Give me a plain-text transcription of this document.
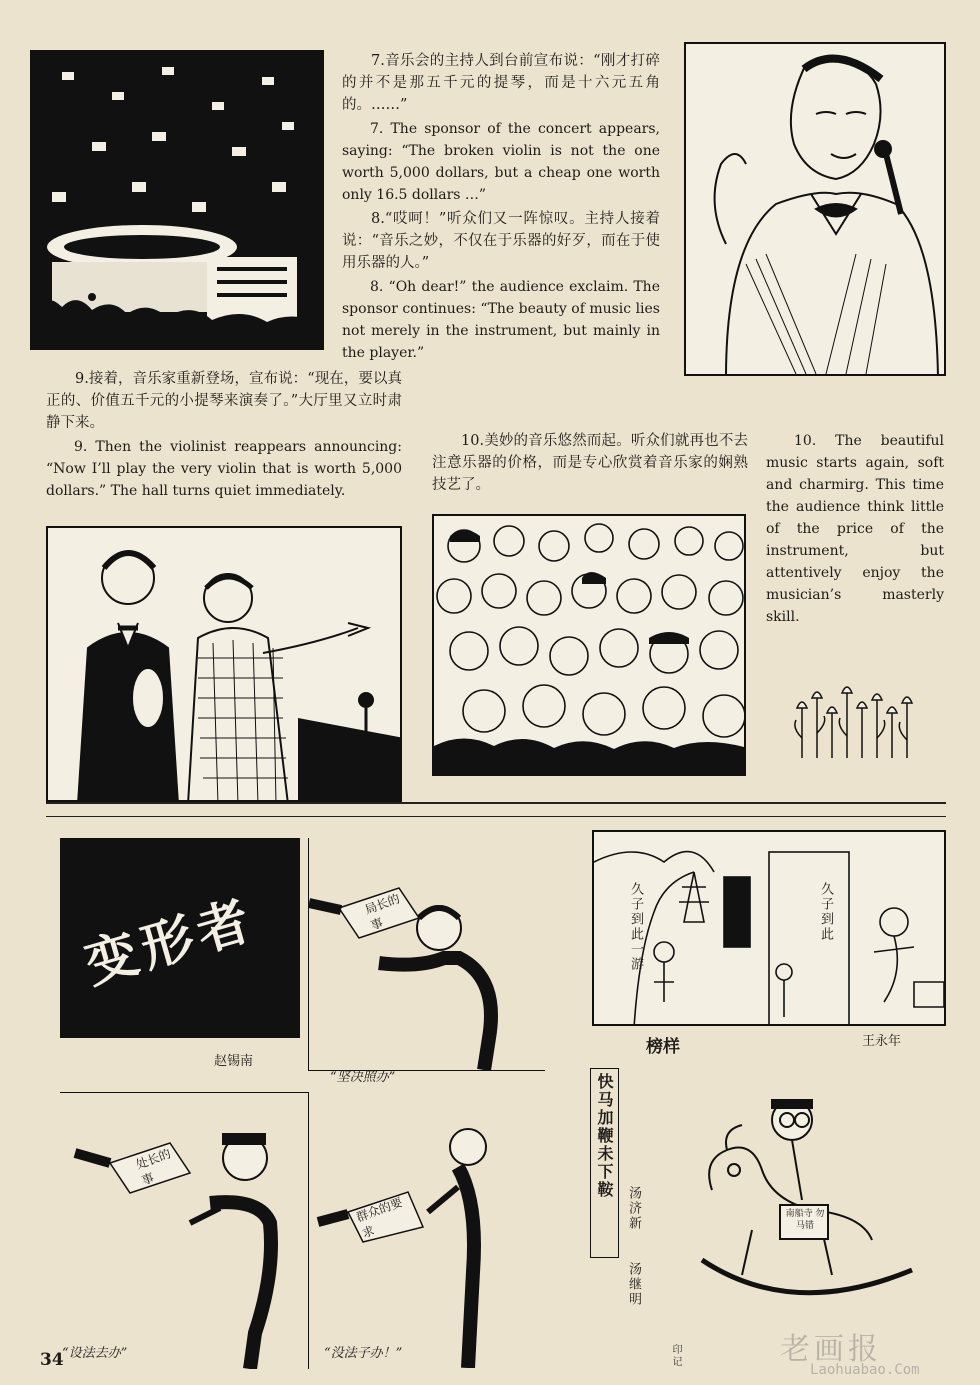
7.音乐会的主持人到台前宣布说：“刚才打碎的并不是那五千元的提琴，而是十六元五角的。……”

7. The sponsor of the concert appears, saying: “The broken violin is not the one worth 5,000 dollars, but a cheap one worth only 16.5 dollars …”

8.“哎呵！”听众们又一阵惊叹。主持人接着说：“音乐之妙，不仅在于乐器的好歹，而在于使用乐器的人。”

8. “Oh dear!” the audience exclaim. The sponsor continues: “The beauty of music lies not merely in the instrument, but mainly in the player.”

9.接着，音乐家重新登场，宣布说：“现在，要以真正的、价值五千元的小提琴来演奏了。”大厅里又立时肃静下来。

9. Then the violinist reappears announcing: “Now I’ll play the very violin that is worth 5,000 dollars.” The hall turns quiet immediately.

10.美妙的音乐悠然而起。听众们就再也不去注意乐器的价格，而是专心欣赏着音乐家的娴熟技艺了。

10. The beautiful music starts again, soft and charmirg. This time the audience think little of the price of the instrument, but attentively enjoy the musician’s masterly skill.

变形者
赵锡南
局长的事
“坚决照办”
处长的事
“设法去办”
群众的要求
“没法子办！”
久子到此一游	久子到此
王永年
榜样
快马加鞭未下鞍
汤济新
汤继明
印记
南船寺 勿马错
34	老画报
Laohuabao.Com
